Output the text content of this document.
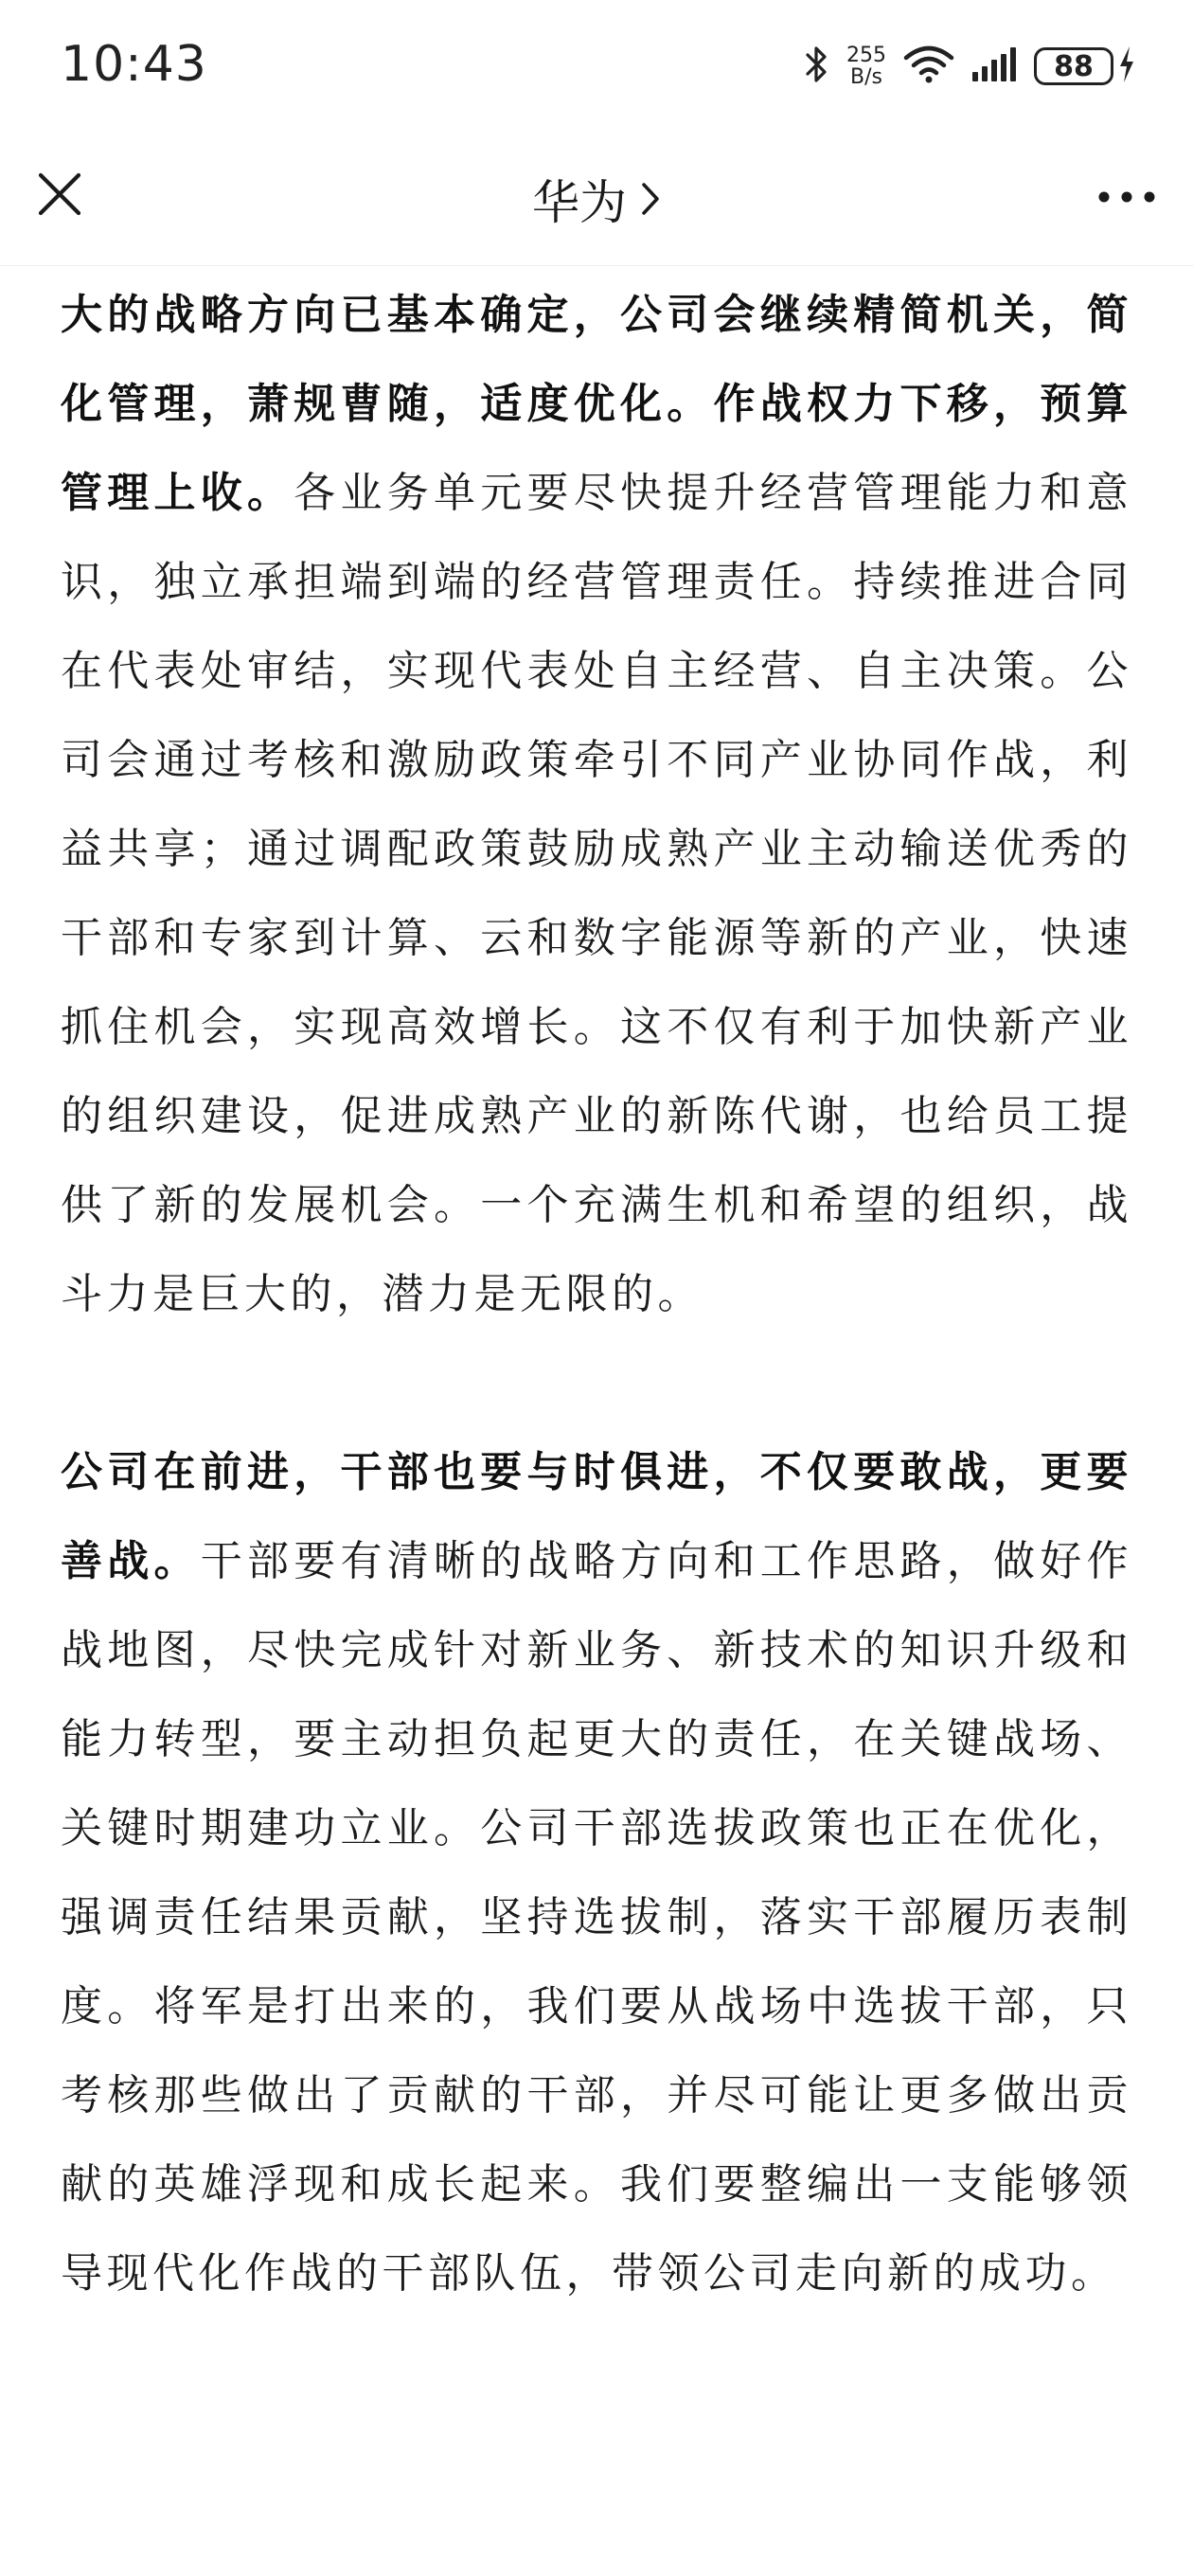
10:43	255
B/s	88
华为

大的战略方向已基本确定，公司会继续精简机关，简化管理，萧规曹随，适度优化。作战权力下移，预算管理上收。各业务单元要尽快提升经营管理能力和意识，独立承担端到端的经营管理责任。持续推进合同在代表处审结，实现代表处自主经营、自主决策。公司会通过考核和激励政策牵引不同产业协同作战，利益共享；通过调配政策鼓励成熟产业主动输送优秀的干部和专家到计算、云和数字能源等新的产业，快速抓住机会，实现高效增长。这不仅有利于加快新产业的组织建设，促进成熟产业的新陈代谢，也给员工提供了新的发展机会。一个充满生机和希望的组织，战斗力是巨大的，潜力是无限的。

公司在前进，干部也要与时俱进，不仅要敢战，更要善战。干部要有清晰的战略方向和工作思路，做好作战地图，尽快完成针对新业务、新技术的知识升级和能力转型，要主动担负起更大的责任，在关键战场、关键时期建功立业。公司干部选拔政策也正在优化，强调责任结果贡献，坚持选拔制，落实干部履历表制度。将军是打出来的，我们要从战场中选拔干部，只考核那些做出了贡献的干部，并尽可能让更多做出贡献的英雄浮现和成长起来。我们要整编出一支能够领导现代化作战的干部队伍，带领公司走向新的成功。
